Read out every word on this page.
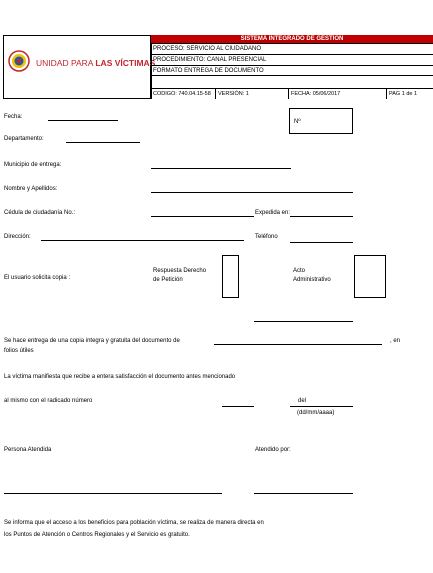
UNIDAD PARA LAS VÍCTIMAS
SISTEMA INTEGRADO DE GESTIÓN
PROCESO: SERVICIO AL CIUDADANO
PROCEDIMIENTO: CANAL PRESENCIAL
FORMATO ENTREGA DE DOCUMENTO
CODIGO: 740.04.15-58	VERSIÓN: 1	FECHA: 05/06/2017	PAG 1 de 1
Fecha:
Nº
Departamento:
Municipio de entrega:
Nombre y Apellidos:
Cédula de ciudadanía No.:	Expedida en:
Dirección:	Teléfono
El usuario solicita copia :
Respuesta Derecho
de Petición
Acto
Administrativo
Se hace entrega de una copia integra y gratuita del documento de	, en
folios útiles
La víctima manifiesta que recibe a entera satisfacción el documento antes mencionado
al mismo con el radicado número	del
(dd/mm/aaaa)
Persona Atendida	Atendido por:
Se informa que el acceso a los beneficios para población víctima, se realiza de manera directa en
los Puntos de Atención o Centros Regionales y el Servicio es gratuito.
